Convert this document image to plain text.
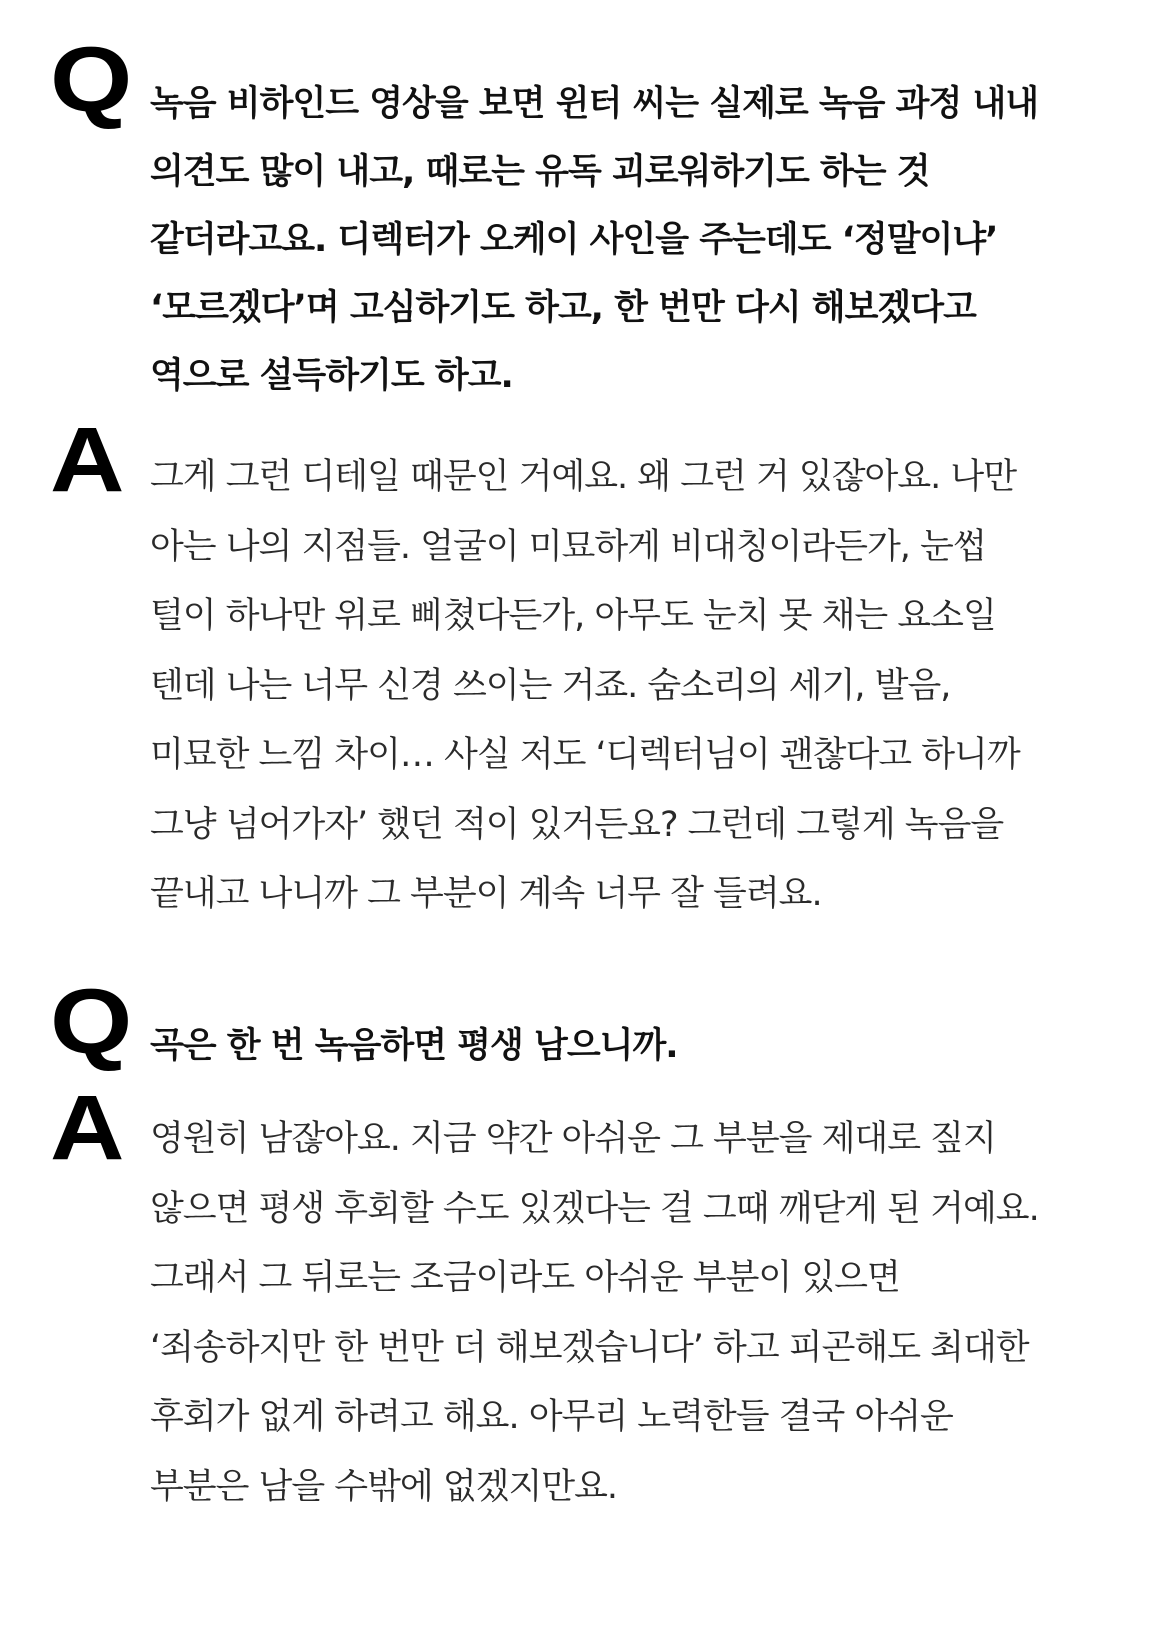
Q 녹음 비하인드 영상을 보면 윈터 씨는 실제로 녹음 과정 내내
의견도 많이 내고, 때로는 유독 괴로워하기도 하는 것
같더라고요. 디렉터가 오케이 사인을 주는데도 ‘정말이냐’
‘모르겠다’며 고심하기도 하고, 한 번만 다시 해보겠다고
역으로 설득하기도 하고.

A 그게 그런 디테일 때문인 거예요. 왜 그런 거 있잖아요. 나만
아는 나의 지점들. 얼굴이 미묘하게 비대칭이라든가, 눈썹
털이 하나만 위로 삐쳤다든가, 아무도 눈치 못 채는 요소일
텐데 나는 너무 신경 쓰이는 거죠. 숨소리의 세기, 발음,
미묘한 느낌 차이… 사실 저도 ‘디렉터님이 괜찮다고 하니까
그냥 넘어가자’ 했던 적이 있거든요? 그런데 그렇게 녹음을
끝내고 나니까 그 부분이 계속 너무 잘 들려요.

Q 곡은 한 번 녹음하면 평생 남으니까.

A 영원히 남잖아요. 지금 약간 아쉬운 그 부분을 제대로 짚지
않으면 평생 후회할 수도 있겠다는 걸 그때 깨닫게 된 거예요.
그래서 그 뒤로는 조금이라도 아쉬운 부분이 있으면
‘죄송하지만 한 번만 더 해보겠습니다’ 하고 피곤해도 최대한
후회가 없게 하려고 해요. 아무리 노력한들 결국 아쉬운
부분은 남을 수밖에 없겠지만요.
